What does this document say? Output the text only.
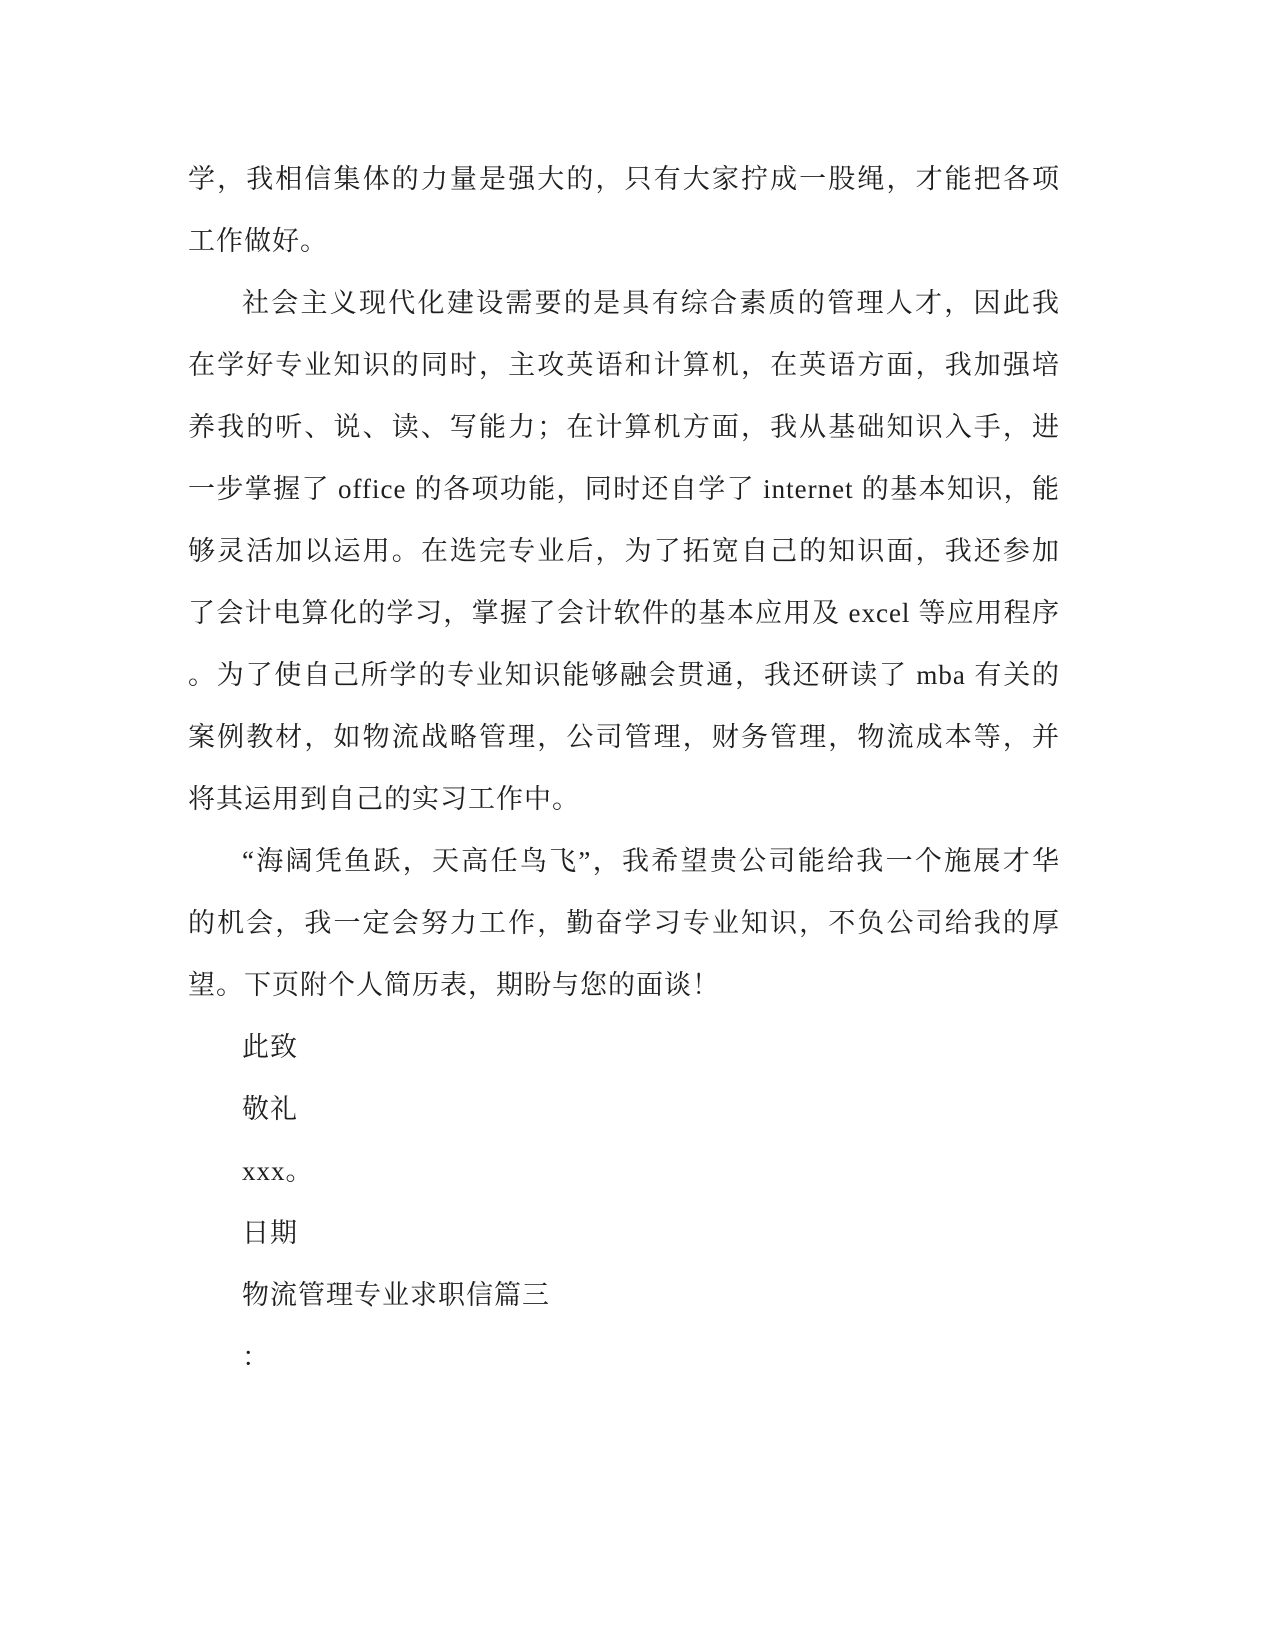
学，我相信集体的力量是强大的，只有大家拧成一股绳，才能把各项
工作做好。
社会主义现代化建设需要的是具有综合素质的管理人才，因此我
在学好专业知识的同时，主攻英语和计算机，在英语方面，我加强培
养我的听、说、读、写能力；在计算机方面，我从基础知识入手，进
一步掌握了 office 的各项功能，同时还自学了 internet 的基本知识，能
够灵活加以运用。在选完专业后，为了拓宽自己的知识面，我还参加
了会计电算化的学习，掌握了会计软件的基本应用及 excel 等应用程序
。为了使自己所学的专业知识能够融会贯通，我还研读了 mba 有关的
案例教材，如物流战略管理，公司管理，财务管理，物流成本等，并
将其运用到自己的实习工作中。
“海阔凭鱼跃，天高任鸟飞”，我希望贵公司能给我一个施展才华
的机会，我一定会努力工作，勤奋学习专业知识，不负公司给我的厚
望。下页附个人简历表，期盼与您的面谈！
此致
敬礼
xxx。
日期
物流管理专业求职信篇三
：
